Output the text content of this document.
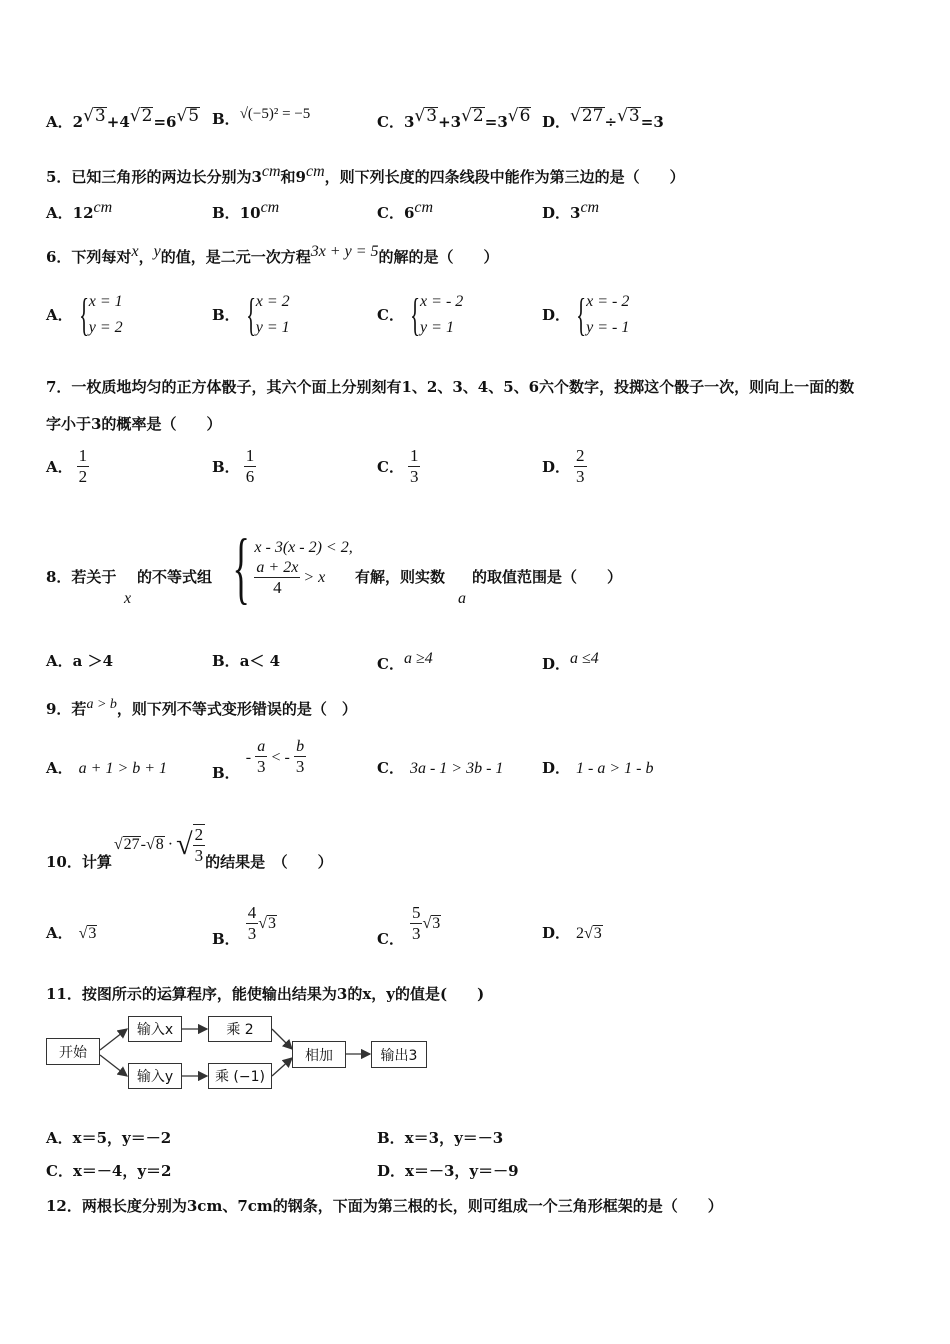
A．$2^{√3}+4^{√2}=6^{√5}$ B．$^{√(-5)^2 = -5}$	C．$3^{√3}+3^{√2}=3^{√6}$ D．$^{√27}$÷$^{√3}$=3
5．已知三角形的两边长分别为$3^{cm}$和$9^{cm}$，则下列长度的四条线段中能作为第三边的是（　　）
A．$12^{cm}$	B．$10^{cm}$	C．$6^{cm}$	D．$3^{cm}$
6．下列每对$^x$，$^y$的值，是二元一次方程$^{3x + y = 5}$的解的是（　　）
A． { x = 1
y = 2
B． { x = 2
y = 1
C． { x = - 2
y = 1
D． { x = - 2
y = - 1
7．一枚质地均匀的正方体骰子，其六个面上分别刻有1、2、3、4、5、6六个数字，投掷这个骰子一次，则向上一面的数
字小于3的概率是（　　）
A． $\frac{1}{2}$	B． $\frac{1}{6}$	C． $\frac{1}{3}$	D． $\frac{2}{3}$
8．若关于
x
的不等式组 { x - 3(x - 2) < 2,
$\frac{a + 2x}{4} > x$ 有解，则实数
a
的取值范围是（　　）
A．a ＞4	B．a＜ 4	C．$^{a \ge 4}$	D．$^{a \le 4}$
9．若$^{a > b}$，则下列不等式变形错误的是（　）
A． a + 1 > b + 1	B．
- $\frac{a}{3}$ < - $\frac{b}{3}$	C． 3a - 1 > 3b - 1	D． 1 - a > 1 - b
10．计算
√27 - √8 · √ $\frac{2}{3}$ 的结果是　（　　）
A． √3	B． $\frac{4}{3} √3$
C． $\frac{5}{3} √3$
D． 2√3
11．按图所示的运算程序，能使输出结果为3的x，y的值是(　　)
开始
输入x	乘 2
输入y	乘 (−1)
相加	输出3
A．x＝5，y＝－2	B．x＝3，y＝－3
C．x＝－4，y＝2	D．x＝－3，y＝－9
12．两根长度分别为3cm、7cm的钢条，下面为第三根的长，则可组成一个三角形框架的是（　　）
